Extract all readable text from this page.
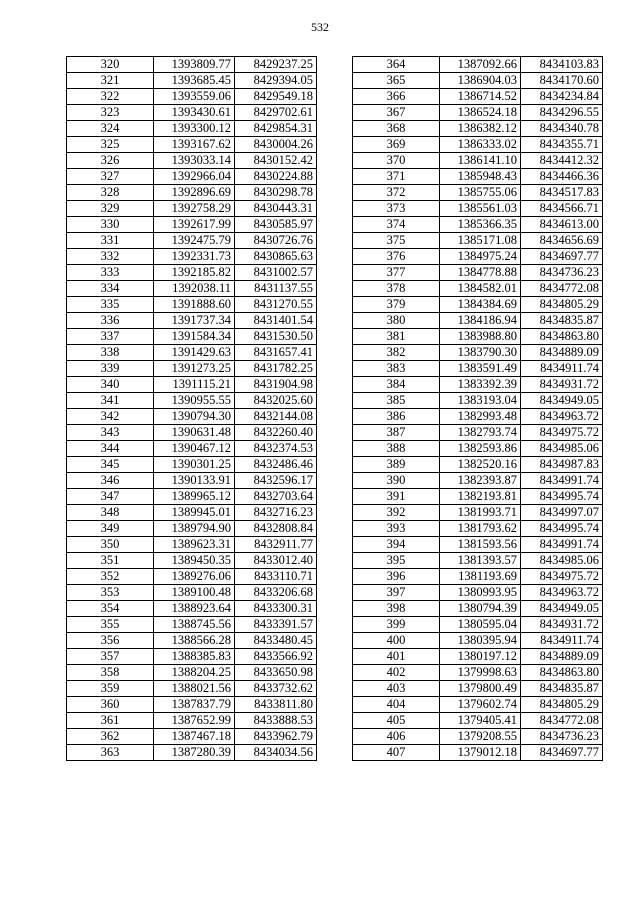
532
320	1393809.77	8429237.25
321	1393685.45	8429394.05
322	1393559.06	8429549.18
323	1393430.61	8429702.61
324	1393300.12	8429854.31
325	1393167.62	8430004.26
326	1393033.14	8430152.42
327	1392966.04	8430224.88
328	1392896.69	8430298.78
329	1392758.29	8430443.31
330	1392617.99	8430585.97
331	1392475.79	8430726.76
332	1392331.73	8430865.63
333	1392185.82	8431002.57
334	1392038.11	8431137.55
335	1391888.60	8431270.55
336	1391737.34	8431401.54
337	1391584.34	8431530.50
338	1391429.63	8431657.41
339	1391273.25	8431782.25
340	1391115.21	8431904.98
341	1390955.55	8432025.60
342	1390794.30	8432144.08
343	1390631.48	8432260.40
344	1390467.12	8432374.53
345	1390301.25	8432486.46
346	1390133.91	8432596.17
347	1389965.12	8432703.64
348	1389945.01	8432716.23
349	1389794.90	8432808.84
350	1389623.31	8432911.77
351	1389450.35	8433012.40
352	1389276.06	8433110.71
353	1389100.48	8433206.68
354	1388923.64	8433300.31
355	1388745.56	8433391.57
356	1388566.28	8433480.45
357	1388385.83	8433566.92
358	1388204.25	8433650.98
359	1388021.56	8433732.62
360	1387837.79	8433811.80
361	1387652.99	8433888.53
362	1387467.18	8433962.79
363	1387280.39	8434034.56
364	1387092.66	8434103.83
365	1386904.03	8434170.60
366	1386714.52	8434234.84
367	1386524.18	8434296.55
368	1386382.12	8434340.78
369	1386333.02	8434355.71
370	1386141.10	8434412.32
371	1385948.43	8434466.36
372	1385755.06	8434517.83
373	1385561.03	8434566.71
374	1385366.35	8434613.00
375	1385171.08	8434656.69
376	1384975.24	8434697.77
377	1384778.88	8434736.23
378	1384582.01	8434772.08
379	1384384.69	8434805.29
380	1384186.94	8434835.87
381	1383988.80	8434863.80
382	1383790.30	8434889.09
383	1383591.49	8434911.74
384	1383392.39	8434931.72
385	1383193.04	8434949.05
386	1382993.48	8434963.72
387	1382793.74	8434975.72
388	1382593.86	8434985.06
389	1382520.16	8434987.83
390	1382393.87	8434991.74
391	1382193.81	8434995.74
392	1381993.71	8434997.07
393	1381793.62	8434995.74
394	1381593.56	8434991.74
395	1381393.57	8434985.06
396	1381193.69	8434975.72
397	1380993.95	8434963.72
398	1380794.39	8434949.05
399	1380595.04	8434931.72
400	1380395.94	8434911.74
401	1380197.12	8434889.09
402	1379998.63	8434863.80
403	1379800.49	8434835.87
404	1379602.74	8434805.29
405	1379405.41	8434772.08
406	1379208.55	8434736.23
407	1379012.18	8434697.77
